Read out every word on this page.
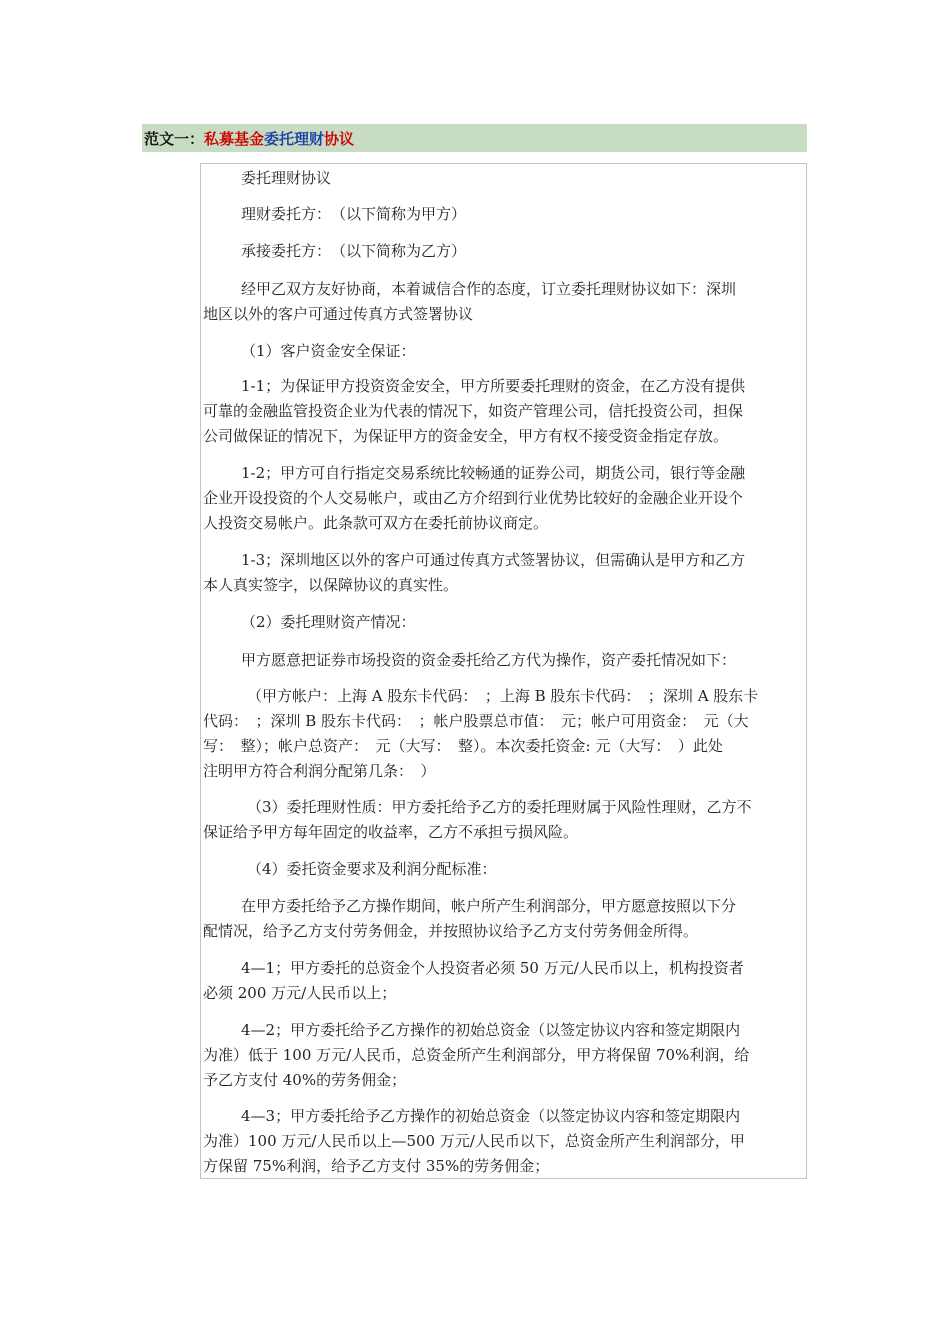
范文一： 私募基金 委托理财 协议

委托理财协议

理财委托方：　（以下简称为甲方）

承接委托方：　（以下简称为乙方）

经甲乙双方友好协商，本着诚信合作的态度，订立委托理财协议如下：深圳
地区以外的客户可通过传真方式签署协议

（1）客户资金安全保证：

1-1；为保证甲方投资资金安全，甲方所要委托理财的资金，在乙方没有提供
可靠的金融监管投资企业为代表的情况下，如资产管理公司，信托投资公司，担保
公司做保证的情况下，为保证甲方的资金安全，甲方有权不接受资金指定存放。

1-2；甲方可自行指定交易系统比较畅通的证券公司，期货公司，银行等金融
企业开设投资的个人交易帐户，或由乙方介绍到行业优势比较好的金融企业开设个
人投资交易帐户。此条款可双方在委托前协议商定。

1-3；深圳地区以外的客户可通过传真方式签署协议，但需确认是甲方和乙方
本人真实签字，以保障协议的真实性。

（2）委托理财资产情况：

甲方愿意把证券市场投资的资金委托给乙方代为操作，资产委托情况如下：

（甲方帐户：上海 A 股东卡代码：　；上海 B 股东卡代码：　；深圳 A 股东卡
代码：　；深圳 B 股东卡代码：　；帐户股票总市值：　元；帐户可用资金：　元（大
写：　整）；帐户总资产：　元（大写：　整）。本次委托资金: 元（大写：　）此处
注明甲方符合利润分配第几条：　）

（3）委托理财性质：甲方委托给予乙方的委托理财属于风险性理财，乙方不
保证给予甲方每年固定的收益率，乙方不承担亏损风险。

（4）委托资金要求及利润分配标准：

在甲方委托给予乙方操作期间，帐户所产生利润部分，甲方愿意按照以下分
配情况，给予乙方支付劳务佣金，并按照协议给予乙方支付劳务佣金所得。

4—1；甲方委托的总资金个人投资者必须 50 万元/人民币以上，机构投资者
必须 200 万元/人民币以上；

4—2；甲方委托给予乙方操作的初始总资金（以签定协议内容和签定期限内
为准）低于 100 万元/人民币，总资金所产生利润部分，甲方将保留 70%利润，给
予乙方支付 40%的劳务佣金；

4—3；甲方委托给予乙方操作的初始总资金（以签定协议内容和签定期限内
为准）100 万元/人民币以上—500 万元/人民币以下，总资金所产生利润部分，甲
方保留 75%利润，给予乙方支付 35%的劳务佣金；
